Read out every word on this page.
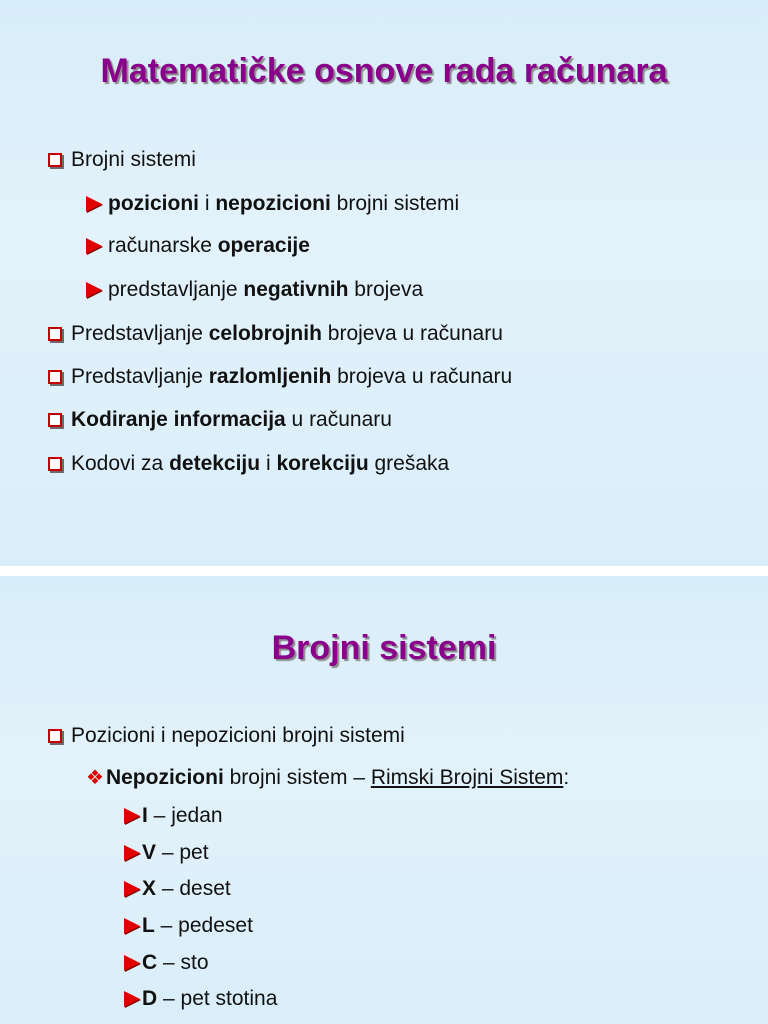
Matematičke osnove rada računara
Brojni sistemi
pozicioni i nepozicioni brojni sistemi
računarske operacije
predstavljanje negativnih brojeva
Predstavljanje celobrojnih brojeva u računaru
Predstavljanje razlomljenih brojeva u računaru
Kodiranje informacija u računaru
Kodovi za detekciju i korekciju grešaka
Brojni sistemi
Pozicioni i nepozicioni brojni sistemi
❖ Nepozicioni brojni sistem – Rimski Brojni Sistem :
I – jedan
V – pet
X – deset
L – pedeset
C – sto
D – pet stotina
